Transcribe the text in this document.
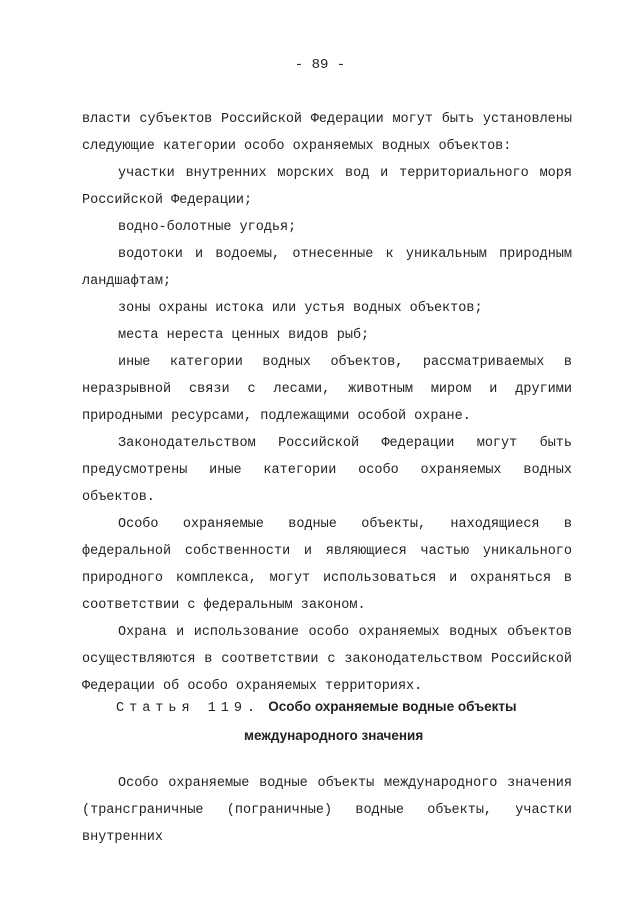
- 89 -

власти субъектов Российской Федерации могут быть установлены следующие категории особо охраняемых водных объектов:

участки внутренних морских вод и территориального моря Российской Федерации;

водно-болотные угодья;

водотоки и водоемы, отнесенные к уникальным природным ландшафтам;

зоны охраны истока или устья водных объектов;

места нереста ценных видов рыб;

иные категории водных объектов, рассматриваемых в неразрывной связи с лесами, животным миром и другими природными ресурсами, подлежащими особой охране.

Законодательством Российской Федерации могут быть предусмотрены иные категории особо охраняемых водных объектов.

Особо охраняемые водные объекты, находящиеся в федеральной собственности и являющиеся частью уникального природного комплекса, могут использоваться и охраняться в соответствии с федеральным законом.

Охрана и использование особо охраняемых водных объектов осуществляются в соответствии с законодательством Российской Федерации об особо охраняемых территориях.

Статья 119. Особо охраняемые водные объекты
международного значения

Особо охраняемые водные объекты международного значения (трансграничные (пограничные) водные объекты, участки внутренних
